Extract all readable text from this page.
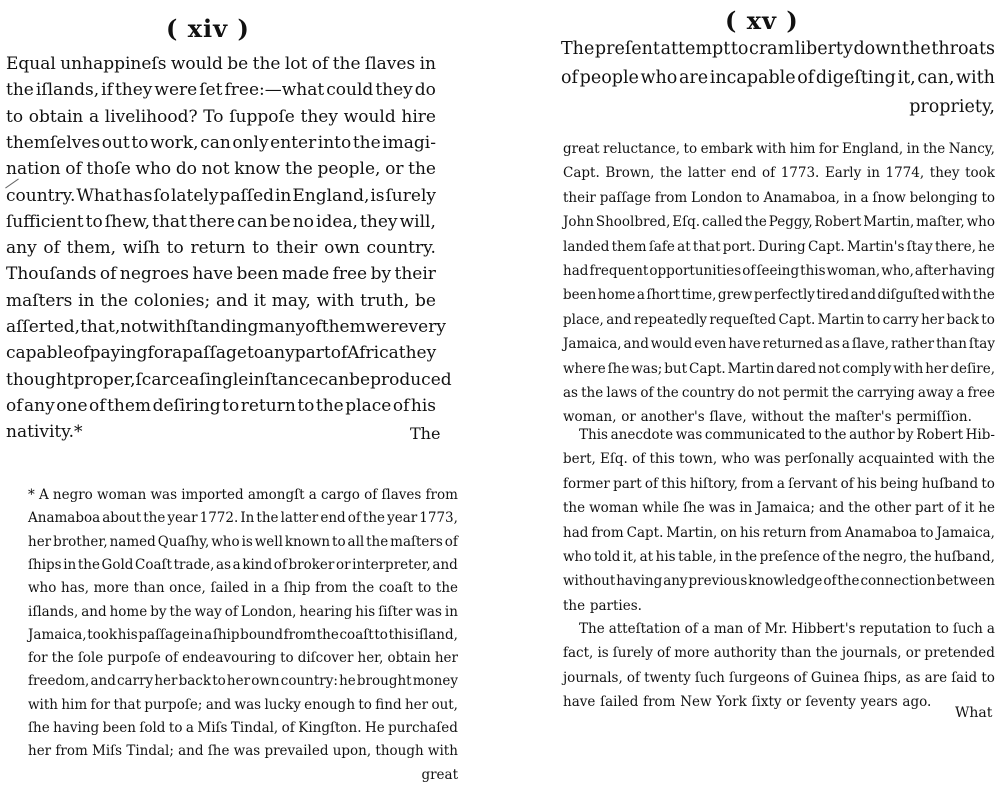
( xiv )
Equal unhappineſs would be the lot of the ſlaves in
the iſlands, if they were ſet free:—what could they do
to obtain a livelihood? To ſuppoſe they would hire
themſelves out to work, can only enter into the imagi-
nation of thoſe who do not know the people, or the
country. What has ſo lately paſſed in England, is ſurely
ſufficient to ſhew, that there can be no idea, they will,
any of them, wiſh to return to their own country.
Thouſands of negroes have been made free by their
maſters in the colonies; and it may, with truth, be
aſſerted, that, notwithſtanding many of them were very
capable of paying for a paſſage to any part of Africa they
thought proper, ſcarce a ſingle inſtance can be produced
of any one of them deſiring to return to the place of his
nativity.*	The
* A negro woman was imported amongſt a cargo of ſlaves from
Anamaboa about the year 1772. In the latter end of the year 1773,
her brother, named Quaſhy, who is well known to all the maſters of
ſhips in the Gold Coaſt trade, as a kind of broker or interpreter, and
who has, more than once, ſailed in a ſhip from the coaſt to the
iſlands, and home by the way of London, hearing his ſiſter was in
Jamaica, took his paſſage in a ſhip bound from the coaſt to this iſland,
for the ſole purpoſe of endeavouring to diſcover her, obtain her
freedom, and carry her back to her own country: he brought money
with him for that purpoſe; and was lucky enough to find her out,
ſhe having been ſold to a Miſs Tindal, of Kingſton. He purchaſed
her from Miſs Tindal; and ſhe was prevailed upon, though with
great
( xv )
The preſent attempt to cram liberty down the throats
of people who are incapable of digeſting it, can, with
propriety,
great reluctance, to embark with him for England, in the Nancy,
Capt. Brown, the latter end of 1773. Early in 1774, they took
their paſſage from London to Anamaboa, in a ſnow belonging to
John Shoolbred, Eſq. called the Peggy, Robert Martin, maſter, who
landed them ſafe at that port. During Capt. Martin's ſtay there, he
had frequent opportunities of ſeeing this woman, who, after having
been home a ſhort time, grew perfectly tired and diſguſted with the
place, and repeatedly requeſted Capt. Martin to carry her back to
Jamaica, and would even have returned as a ſlave, rather than ſtay
where ſhe was; but Capt. Martin dared not comply with her deſire,
as the laws of the country do not permit the carrying away a free
woman, or another's ſlave, without the maſter's permiſſion.
This anecdote was communicated to the author by Robert Hib-
bert, Eſq. of this town, who was perſonally acquainted with the
former part of this hiſtory, from a ſervant of his being huſband to
the woman while ſhe was in Jamaica; and the other part of it he
had from Capt. Martin, on his return from Anamaboa to Jamaica,
who told it, at his table, in the preſence of the negro, the huſband,
without having any previous knowledge of the connection between
the parties.
The atteſtation of a man of Mr. Hibbert's reputation to ſuch a
fact, is ſurely of more authority than the journals, or pretended
journals, of twenty ſuch ſurgeons of Guinea ſhips, as are ſaid to
have ſailed from New York ſixty or ſeventy years ago.
What
